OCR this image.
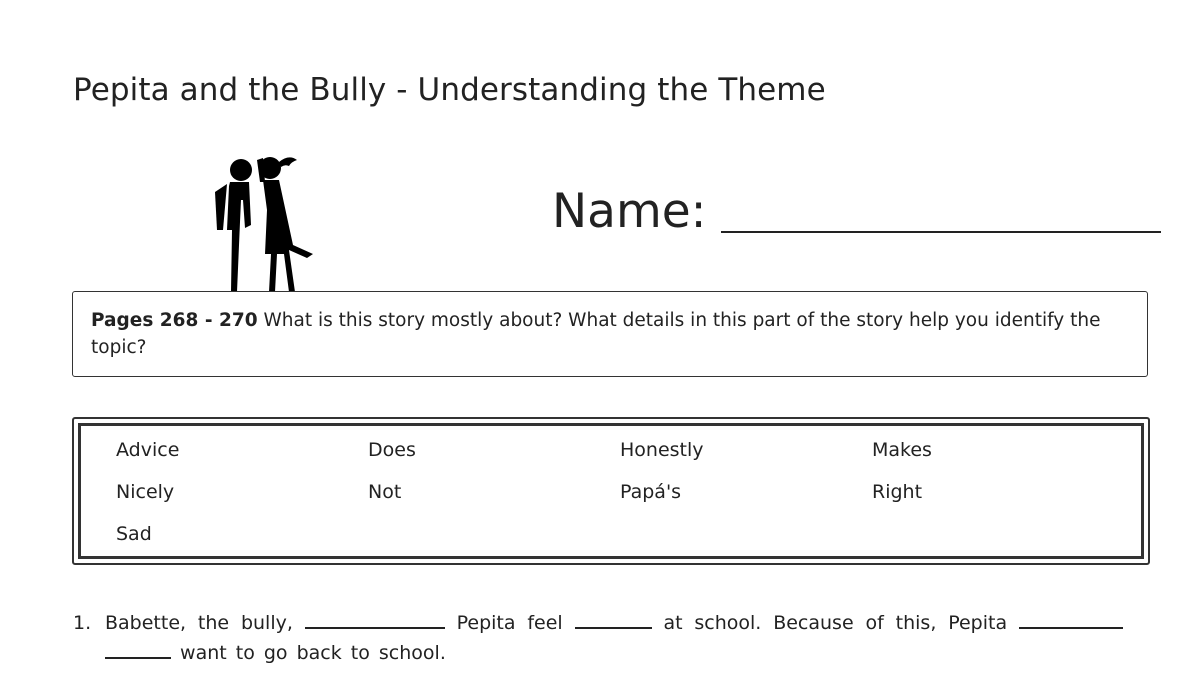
Pepita and the Bully - Understanding the Theme
Name:
Pages 268 - 270 What is this story mostly about? What details in this part of the story help you identify the topic?
Advice	Does	Honestly	Makes
Nicely	Not	Papá's	Right
Sad
1. Babette, the bully,	Pepita feel	at school. Because of this, Pepita   want to go back to school.
